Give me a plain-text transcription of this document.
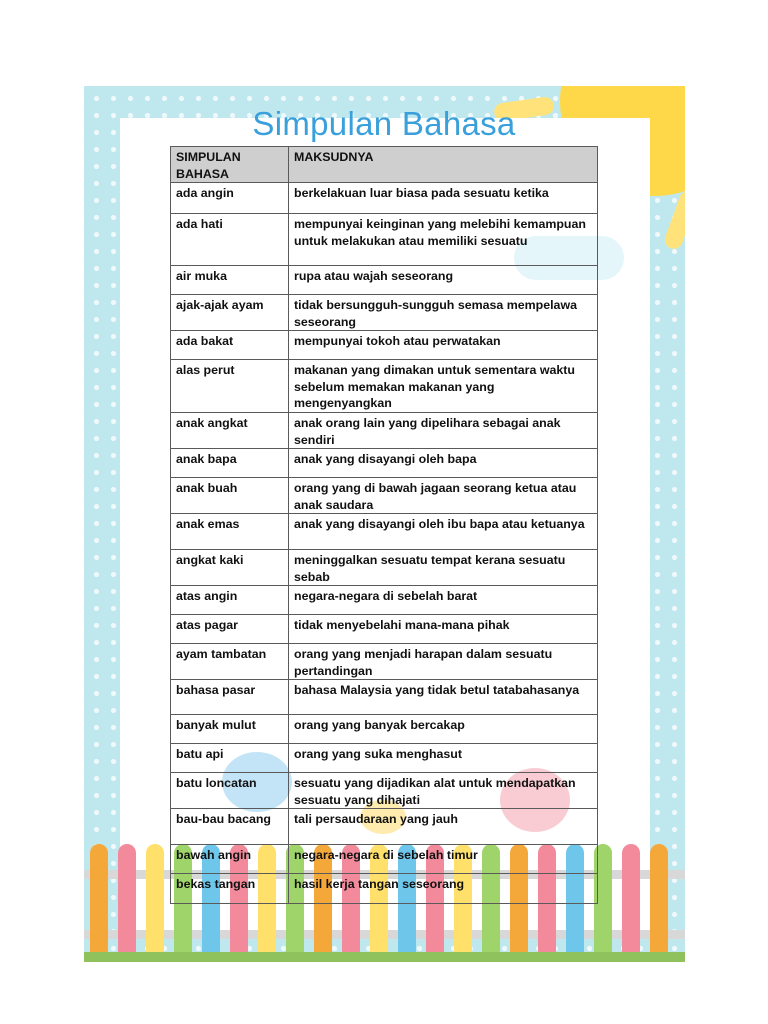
Simpulan Bahasa
SIMPULAN BAHASA	MAKSUDNYA
ada angin	berkelakuan luar biasa pada sesuatu ketika
ada hati	mempunyai keinginan yang melebihi kemampuan untuk melakukan atau memiliki sesuatu
air muka	rupa atau wajah seseorang
ajak-ajak ayam	tidak bersungguh-sungguh semasa mempelawa seseorang
ada bakat	mempunyai tokoh atau perwatakan
alas perut	makanan yang dimakan untuk sementara waktu sebelum memakan makanan yang mengenyangkan
anak angkat	anak orang lain yang dipelihara sebagai anak sendiri
anak bapa	anak yang disayangi oleh bapa
anak buah	orang yang di bawah jagaan seorang ketua atau anak saudara
anak emas	anak yang disayangi oleh ibu bapa atau ketuanya
angkat kaki	meninggalkan sesuatu tempat kerana sesuatu sebab
atas angin	negara-negara di sebelah barat
atas pagar	tidak menyebelahi mana-mana pihak
ayam tambatan	orang yang menjadi harapan dalam sesuatu pertandingan
bahasa pasar	bahasa Malaysia yang tidak betul tatabahasanya
banyak mulut	orang yang banyak bercakap
batu api	orang yang suka menghasut
batu loncatan	sesuatu yang dijadikan alat untuk mendapatkan sesuatu yang dihajati
bau-bau bacang	tali persaudaraan yang jauh
bawah angin	negara-negara di sebelah timur
bekas tangan	hasil kerja tangan seseorang
